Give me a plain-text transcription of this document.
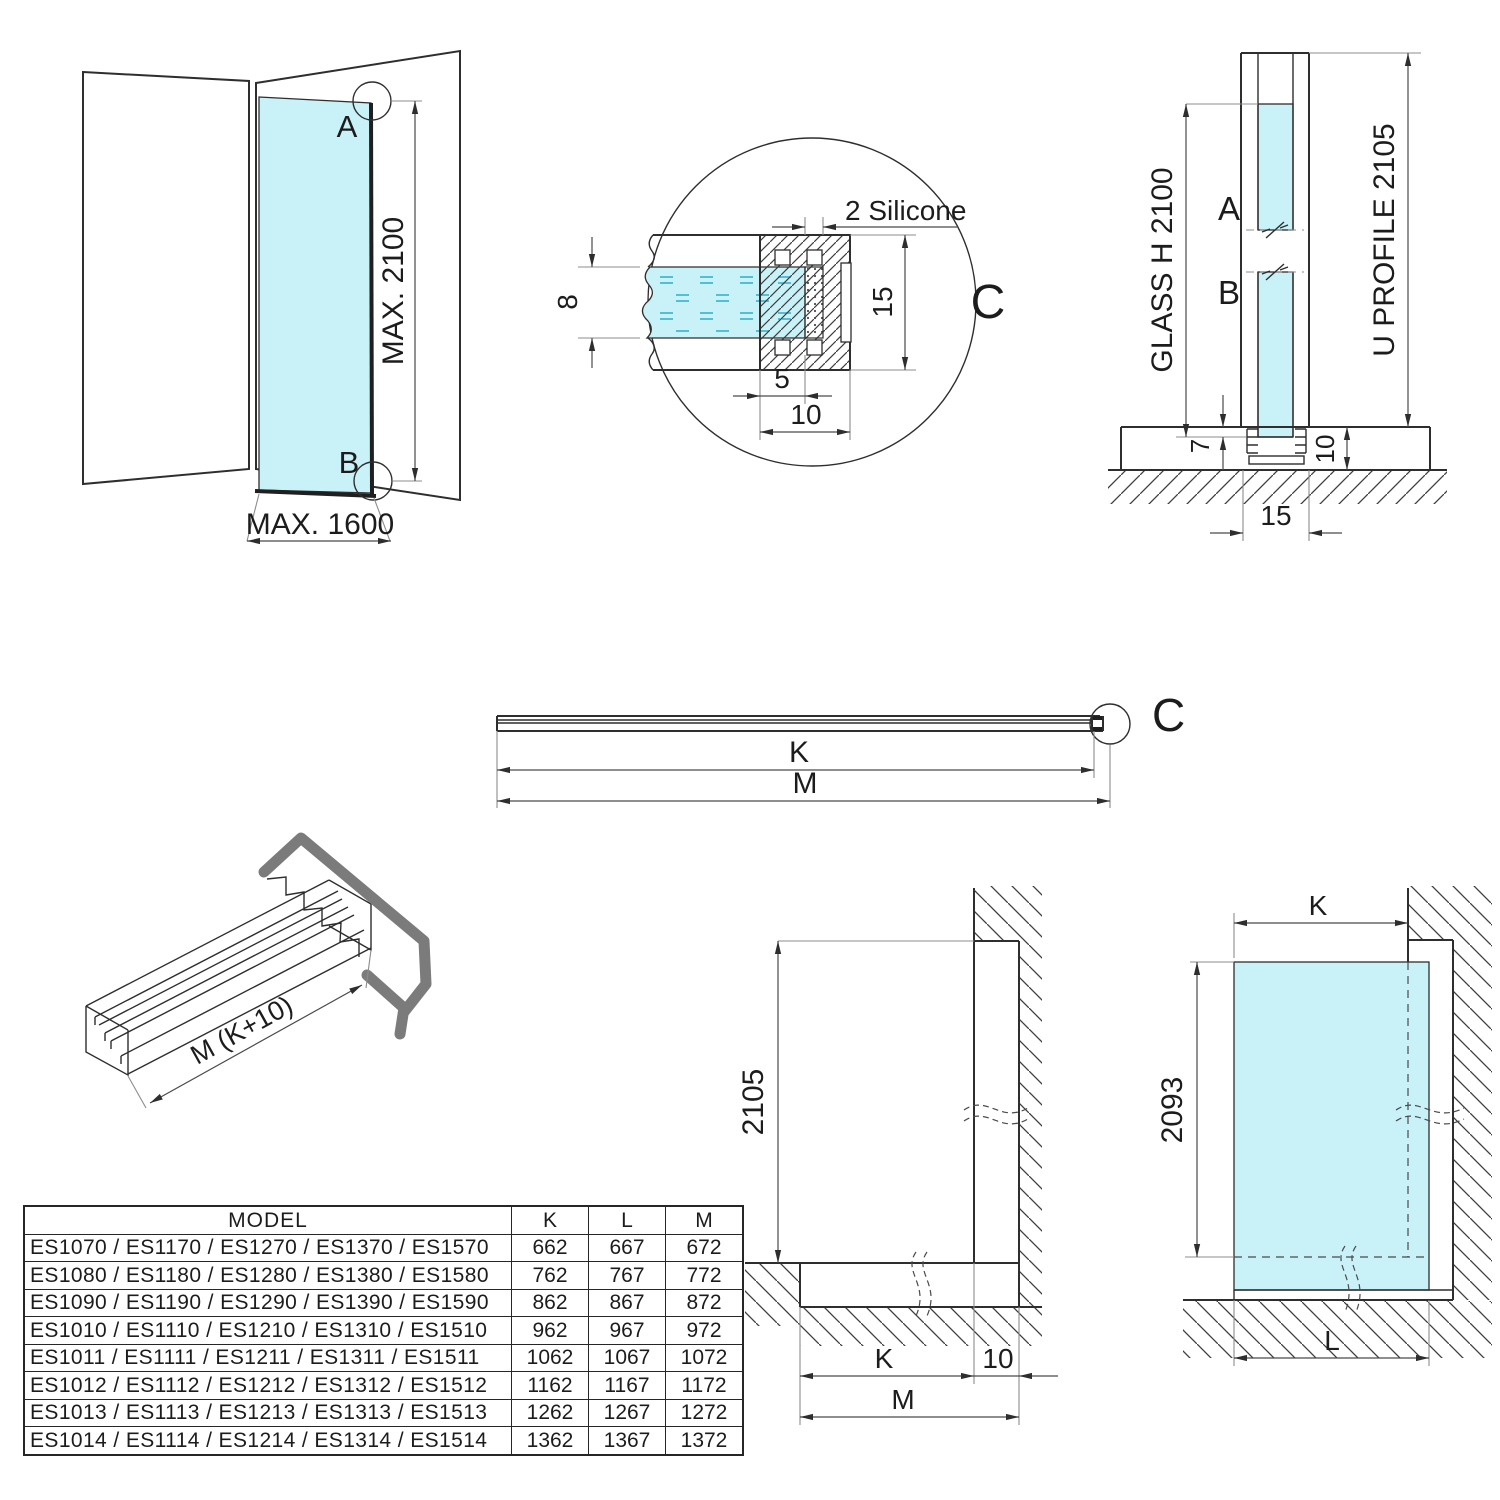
A
B
MAX. 2100
MAX. 1600
8	15
2 Silicone
5
10
C
A
B
GLASS H 2100	U PROFILE 2105
7	10
15
C
K
M
M (K+10)
2105
K	10
M
K
2093
L
MODEL	K	L	M
ES1070 / ES1170 / ES1270 / ES1370 / ES1570	662	667	672
ES1080 / ES1180 / ES1280 / ES1380 / ES1580	762	767	772
ES1090 / ES1190 / ES1290 / ES1390 / ES1590	862	867	872
ES1010 / ES1110 / ES1210 / ES1310 / ES1510	962	967	972
ES1011 / ES1111 / ES1211 / ES1311 / ES1511	1062	1067	1072
ES1012 / ES1112 / ES1212 / ES1312 / ES1512	1162	1167	1172
ES1013 / ES1113 / ES1213 / ES1313 / ES1513	1262	1267	1272
ES1014 / ES1114 / ES1214 / ES1314 / ES1514	1362	1367	1372
